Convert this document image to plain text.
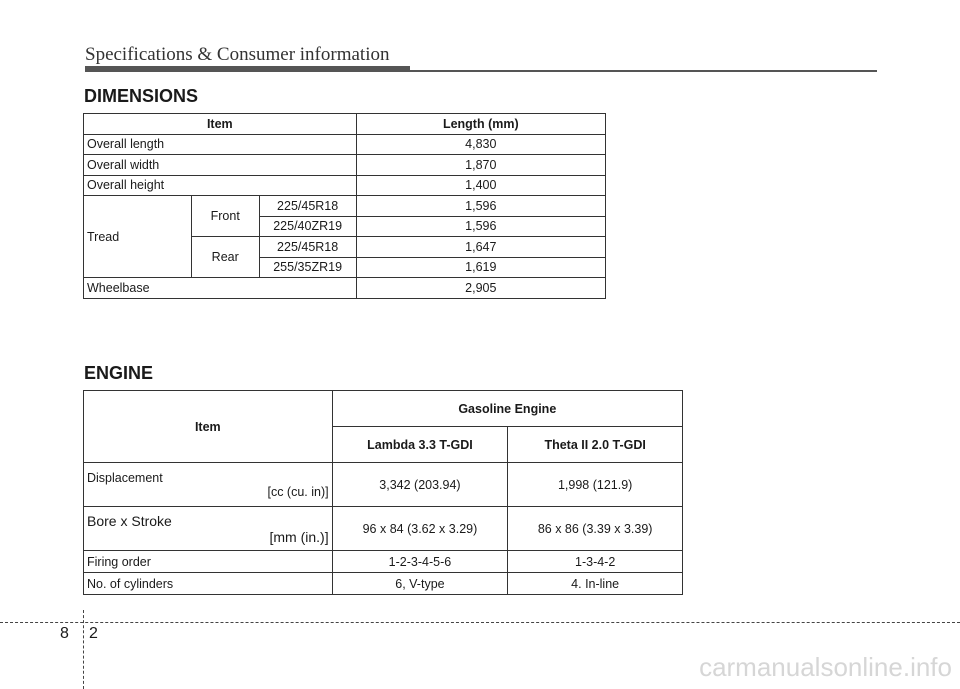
Specifications & Consumer information
DIMENSIONS
Item			Length (mm)
Overall length			4,830
Overall width			1,870
Overall height			1,400
Tread	Front	225/45R18	1,596
		225/40ZR19	1,596
	Rear	225/45R18	1,647
		255/35ZR19	1,619
Wheelbase			2,905
ENGINE
Item	Gasoline Engine	
	Lambda 3.3 T-GDI	Theta II 2.0 T-GDI

Displacement
[cc (cu. in)]	3,342 (203.94)	1,998 (121.9)

Bore x Stroke
[mm (in.)]	96 x 84 (3.62 x 3.29)	86 x 86 (3.39 x 3.39)
Firing order	1-2-3-4-5-6	1-3-4-2
No. of cylinders	6, V-type	4. In-line
8 2
carmanualsonline.info
